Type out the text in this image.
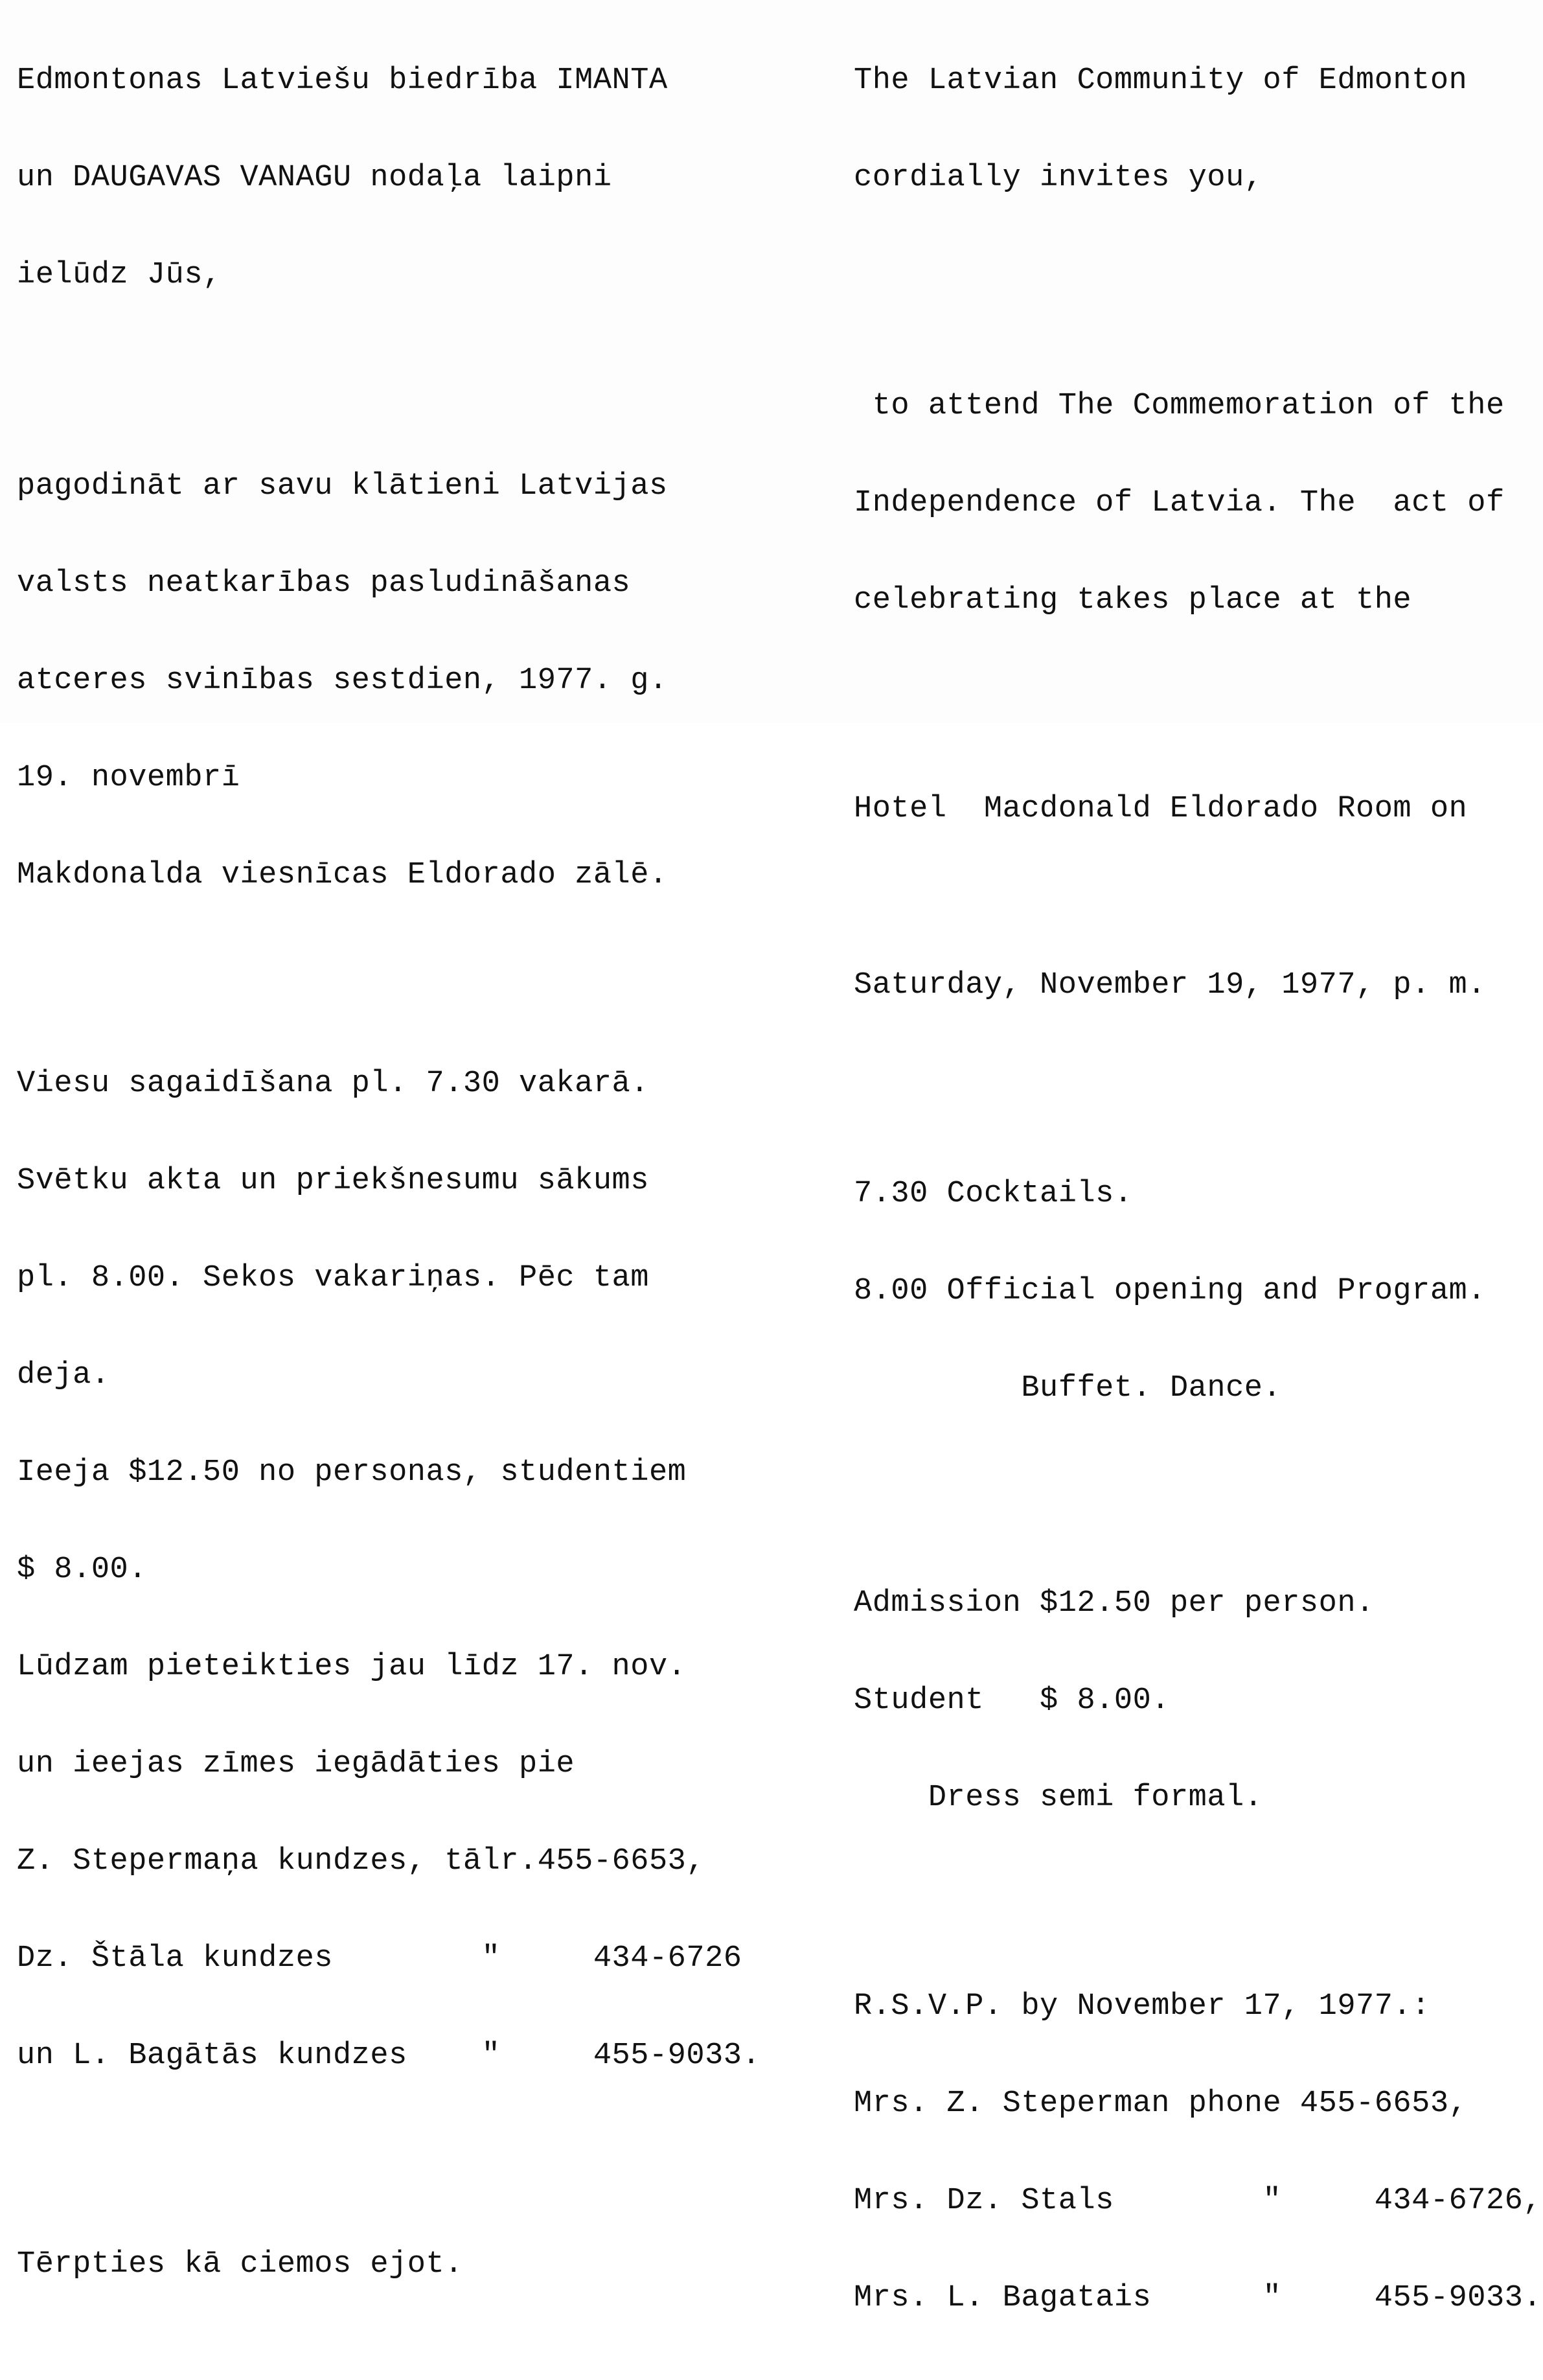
Edmontonas Latviešu biedrība IMANTA

un DAUGAVAS VANAGU nodaļa laipni

ielūdz Jūs,

pagodināt ar savu klātieni Latvijas

valsts neatkarības pasludināšanas

atceres svinības sestdien, 1977. g.

19. novembrī

Makdonalda viesnīcas Eldorado zālē.

Viesu sagaidīšana pl. 7.30 vakarā.

Svētku akta un priekšnesumu sākums

pl. 8.00. Sekos vakariņas. Pēc tam

deja.

Ieeja $12.50 no personas, studentiem

$ 8.00.

Lūdzam pieteikties jau līdz 17. nov.

un ieejas zīmes iegādāties pie

Z. Stepermaņa kundzes, tālr.455-6653,

Dz. Štāla kundzes        "     434-6726

un L. Bagātās kundzes    "     455-9033.

Tērpties kā ciemos ejot.

The Latvian Community of Edmonton

cordially invites you,

to attend The Commemoration of the

Independence of Latvia. The  act of

celebrating takes place at the

Hotel  Macdonald Eldorado Room on

Saturday, November 19, 1977, p. m.

7.30 Cocktails.

8.00 Official opening and Program.

Buffet. Dance.

Admission $12.50 per person.

Student   $ 8.00.

Dress semi formal.

R.S.V.P. by November 17, 1977.:

Mrs. Z. Steperman phone 455-6653,

Mrs. Dz. Stals        "     434-6726,

Mrs. L. Bagatais      "     455-9033.
